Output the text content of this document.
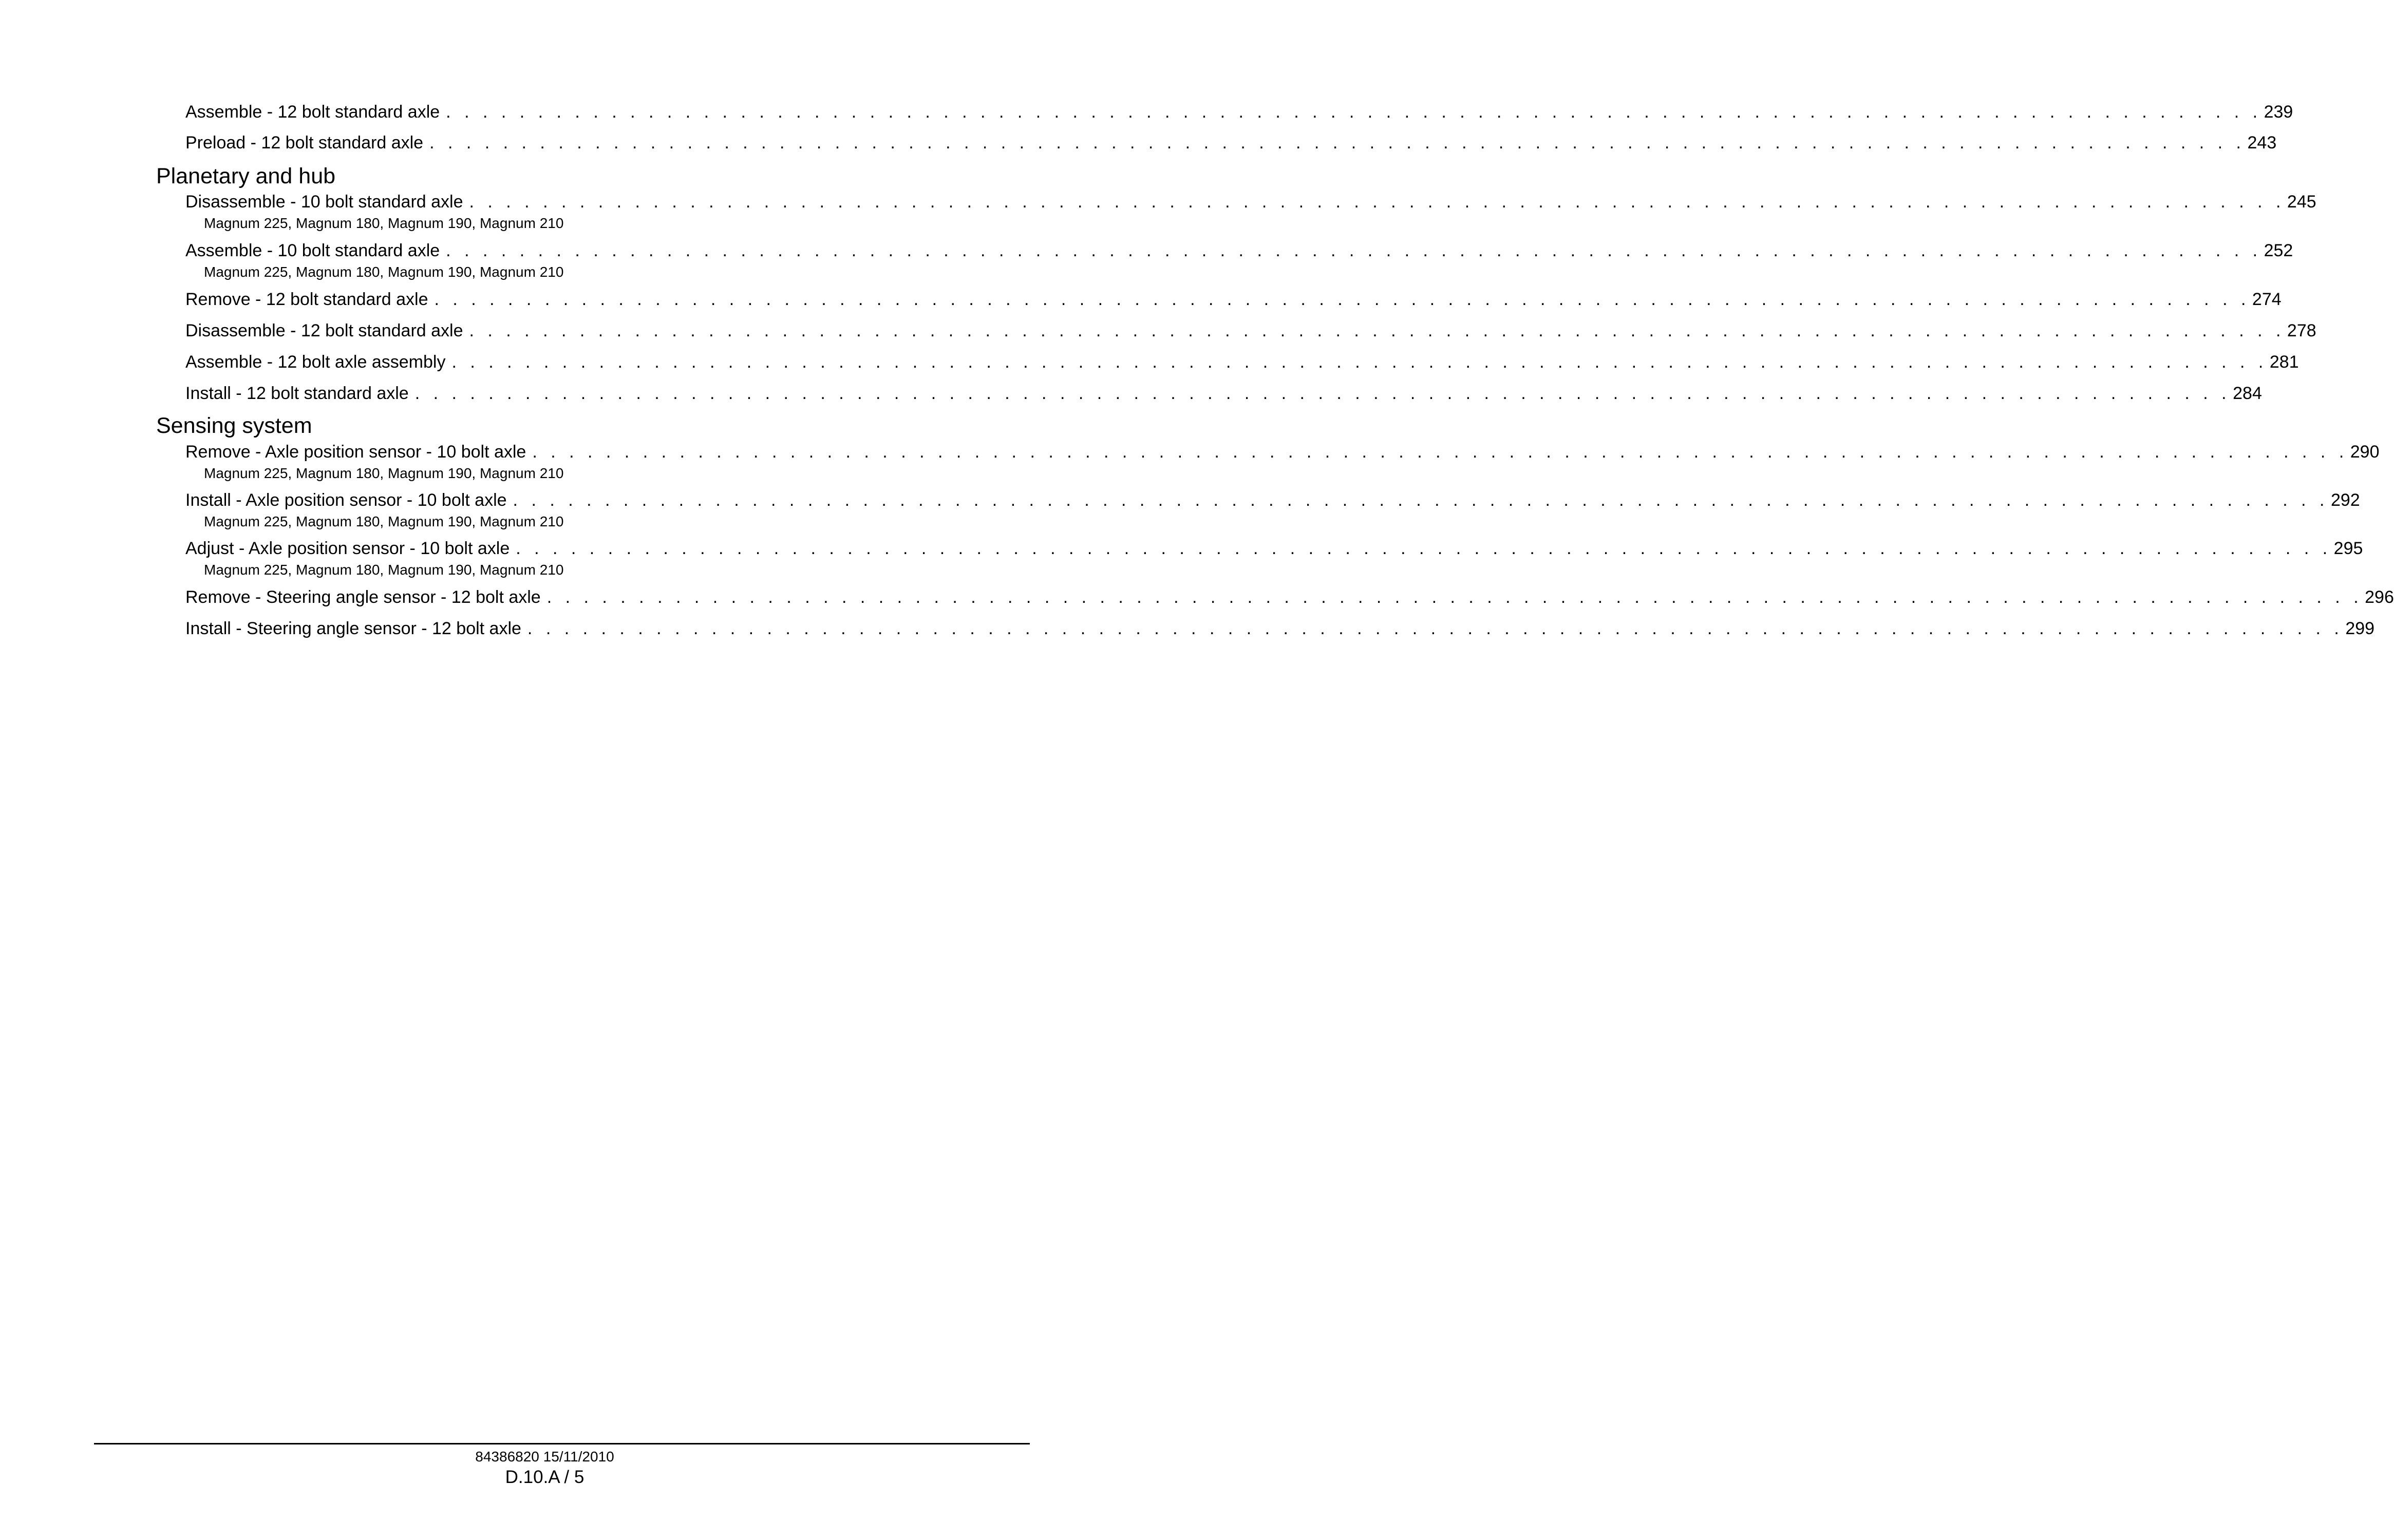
Assemble - 12 bolt standard axle . . . . . . . . . . . . . . . . . . . . . . . . . . . . . . . . . . . . . . . . . . . . . . . . . . . . . . . . . . . . . . . . . . . . . . . . . . . . . . . . . . . . . . . . . . . . . . . . . . . 239
Preload - 12 bolt standard axle . . . . . . . . . . . . . . . . . . . . . . . . . . . . . . . . . . . . . . . . . . . . . . . . . . . . . . . . . . . . . . . . . . . . . . . . . . . . . . . . . . . . . . . . . . . . . . . . . . . 243
Planetary and hub
Disassemble - 10 bolt standard axle . . . . . . . . . . . . . . . . . . . . . . . . . . . . . . . . . . . . . . . . . . . . . . . . . . . . . . . . . . . . . . . . . . . . . . . . . . . . . . . . . . . . . . . . . . . . . . . . . . . 245
Magnum 225, Magnum 180, Magnum 190, Magnum 210
Assemble - 10 bolt standard axle . . . . . . . . . . . . . . . . . . . . . . . . . . . . . . . . . . . . . . . . . . . . . . . . . . . . . . . . . . . . . . . . . . . . . . . . . . . . . . . . . . . . . . . . . . . . . . . . . . . 252
Magnum 225, Magnum 180, Magnum 190, Magnum 210
Remove - 12 bolt standard axle . . . . . . . . . . . . . . . . . . . . . . . . . . . . . . . . . . . . . . . . . . . . . . . . . . . . . . . . . . . . . . . . . . . . . . . . . . . . . . . . . . . . . . . . . . . . . . . . . . . 274
Disassemble - 12 bolt standard axle . . . . . . . . . . . . . . . . . . . . . . . . . . . . . . . . . . . . . . . . . . . . . . . . . . . . . . . . . . . . . . . . . . . . . . . . . . . . . . . . . . . . . . . . . . . . . . . . . . . 278
Assemble - 12 bolt axle assembly . . . . . . . . . . . . . . . . . . . . . . . . . . . . . . . . . . . . . . . . . . . . . . . . . . . . . . . . . . . . . . . . . . . . . . . . . . . . . . . . . . . . . . . . . . . . . . . . . . . 281
Install - 12 bolt standard axle . . . . . . . . . . . . . . . . . . . . . . . . . . . . . . . . . . . . . . . . . . . . . . . . . . . . . . . . . . . . . . . . . . . . . . . . . . . . . . . . . . . . . . . . . . . . . . . . . . . 284
Sensing system
Remove - Axle position sensor - 10 bolt axle . . . . . . . . . . . . . . . . . . . . . . . . . . . . . . . . . . . . . . . . . . . . . . . . . . . . . . . . . . . . . . . . . . . . . . . . . . . . . . . . . . . . . . . . . . . . . . . . . . . 290
Magnum 225, Magnum 180, Magnum 190, Magnum 210
Install - Axle position sensor - 10 bolt axle . . . . . . . . . . . . . . . . . . . . . . . . . . . . . . . . . . . . . . . . . . . . . . . . . . . . . . . . . . . . . . . . . . . . . . . . . . . . . . . . . . . . . . . . . . . . . . . . . . . 292
Magnum 225, Magnum 180, Magnum 190, Magnum 210
Adjust - Axle position sensor - 10 bolt axle . . . . . . . . . . . . . . . . . . . . . . . . . . . . . . . . . . . . . . . . . . . . . . . . . . . . . . . . . . . . . . . . . . . . . . . . . . . . . . . . . . . . . . . . . . . . . . . . . . . 295
Magnum 225, Magnum 180, Magnum 190, Magnum 210
Remove - Steering angle sensor - 12 bolt axle . . . . . . . . . . . . . . . . . . . . . . . . . . . . . . . . . . . . . . . . . . . . . . . . . . . . . . . . . . . . . . . . . . . . . . . . . . . . . . . . . . . . . . . . . . . . . . . . . . . 296
Install - Steering angle sensor - 12 bolt axle . . . . . . . . . . . . . . . . . . . . . . . . . . . . . . . . . . . . . . . . . . . . . . . . . . . . . . . . . . . . . . . . . . . . . . . . . . . . . . . . . . . . . . . . . . . . . . . . . . . 299
84386820 15/11/2010
D.10.A / 5
